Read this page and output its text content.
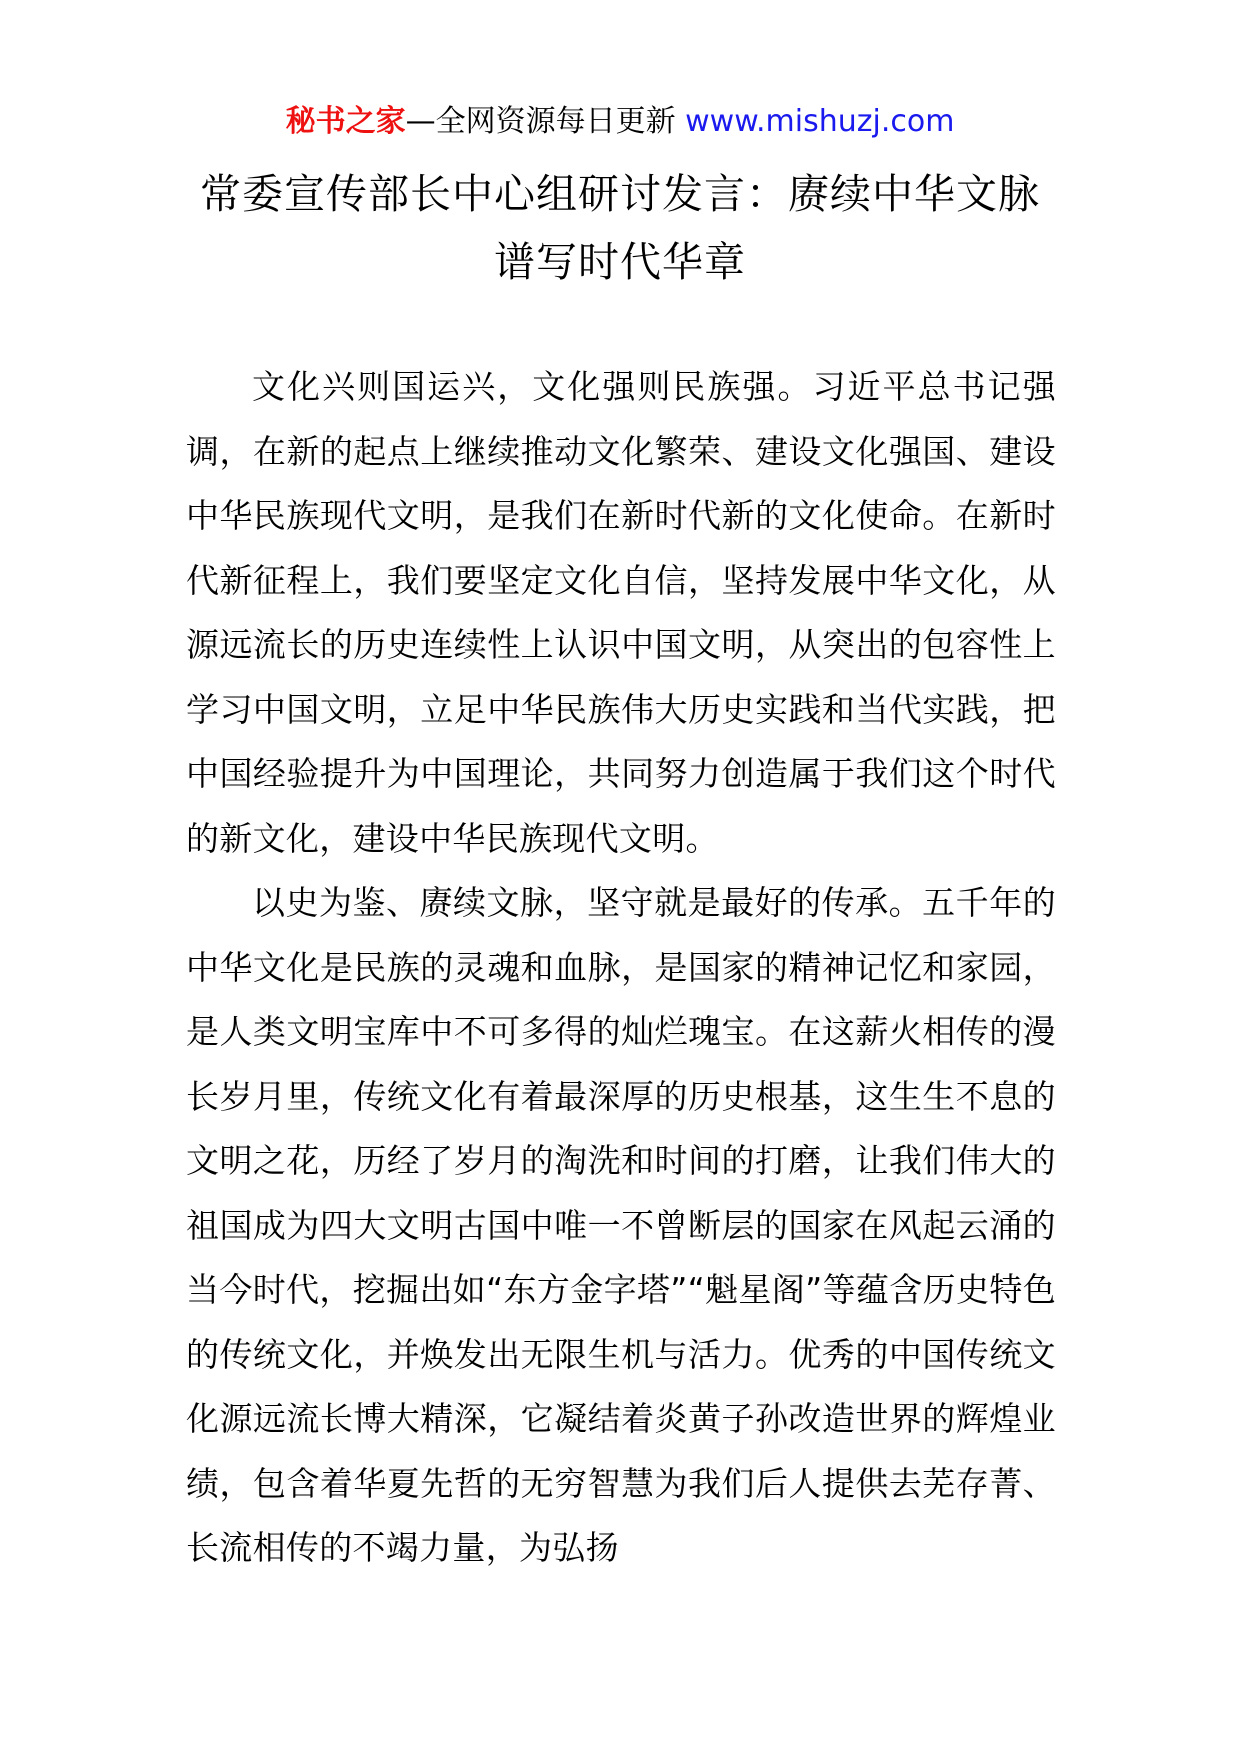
秘书之家—全网资源每日更新 www.mishuzj.com
常委宣传部长中心组研讨发言：赓续中华文脉
谱写时代华章

文化兴则国运兴，文化强则民族强。习近平总书记强调，在新的起点上继续推动文化繁荣、建设文化强国、建设中华民族现代文明，是我们在新时代新的文化使命。在新时代新征程上，我们要坚定文化自信，坚持发展中华文化，从源远流长的历史连续性上认识中国文明，从突出的包容性上学习中国文明，立足中华民族伟大历史实践和当代实践，把中国经验提升为中国理论，共同努力创造属于我们这个时代的新文化，建设中华民族现代文明。

以史为鉴、赓续文脉，坚守就是最好的传承。五千年的中华文化是民族的灵魂和血脉，是国家的精神记忆和家园，是人类文明宝库中不可多得的灿烂瑰宝。在这薪火相传的漫长岁月里，传统文化有着最深厚的历史根基，这生生不息的文明之花，历经了岁月的淘洗和时间的打磨，让我们伟大的祖国成为四大文明古国中唯一不曾断层的国家在风起云涌的当今时代，挖掘出如“东方金字塔”“魁星阁”等蕴含历史特色的传统文化，并焕发出无限生机与活力。优秀的中国传统文化源远流长博大精深，它凝结着炎黄子孙改造世界的辉煌业绩，包含着华夏先哲的无穷智慧为我们后人提供去芜存菁、长流相传的不竭力量，为弘扬
